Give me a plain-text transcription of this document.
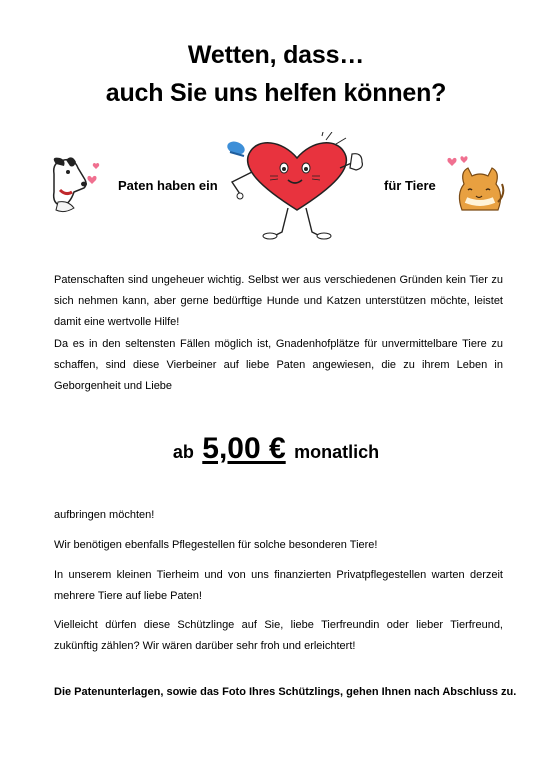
Wetten, dass…
auch Sie uns helfen können?
Paten haben ein	für Tiere
Patenschaften sind ungeheuer wichtig. Selbst wer aus verschiedenen Gründen kein Tier zu sich nehmen kann, aber gerne bedürftige Hunde und Katzen unterstützen möchte, leistet damit eine wertvolle Hilfe!
Da es in den seltensten Fällen möglich ist, Gnadenhofplätze für unvermittelbare Tiere zu schaffen, sind diese Vierbeiner auf liebe Paten angewiesen, die zu ihrem Leben in Geborgenheit und Liebe
ab 5,00 € monatlich
aufbringen möchten!
Wir benötigen ebenfalls Pflegestellen für solche besonderen Tiere!
In unserem kleinen Tierheim und von uns finanzierten Privatpflegestellen warten derzeit mehrere Tiere auf liebe Paten!
Vielleicht dürfen diese Schützlinge auf Sie, liebe Tierfreundin oder lieber Tierfreund, zukünftig zählen? Wir wären darüber sehr froh und erleichtert!
Die Patenunterlagen, sowie das Foto Ihres Schützlings, gehen Ihnen nach Abschluss zu.
